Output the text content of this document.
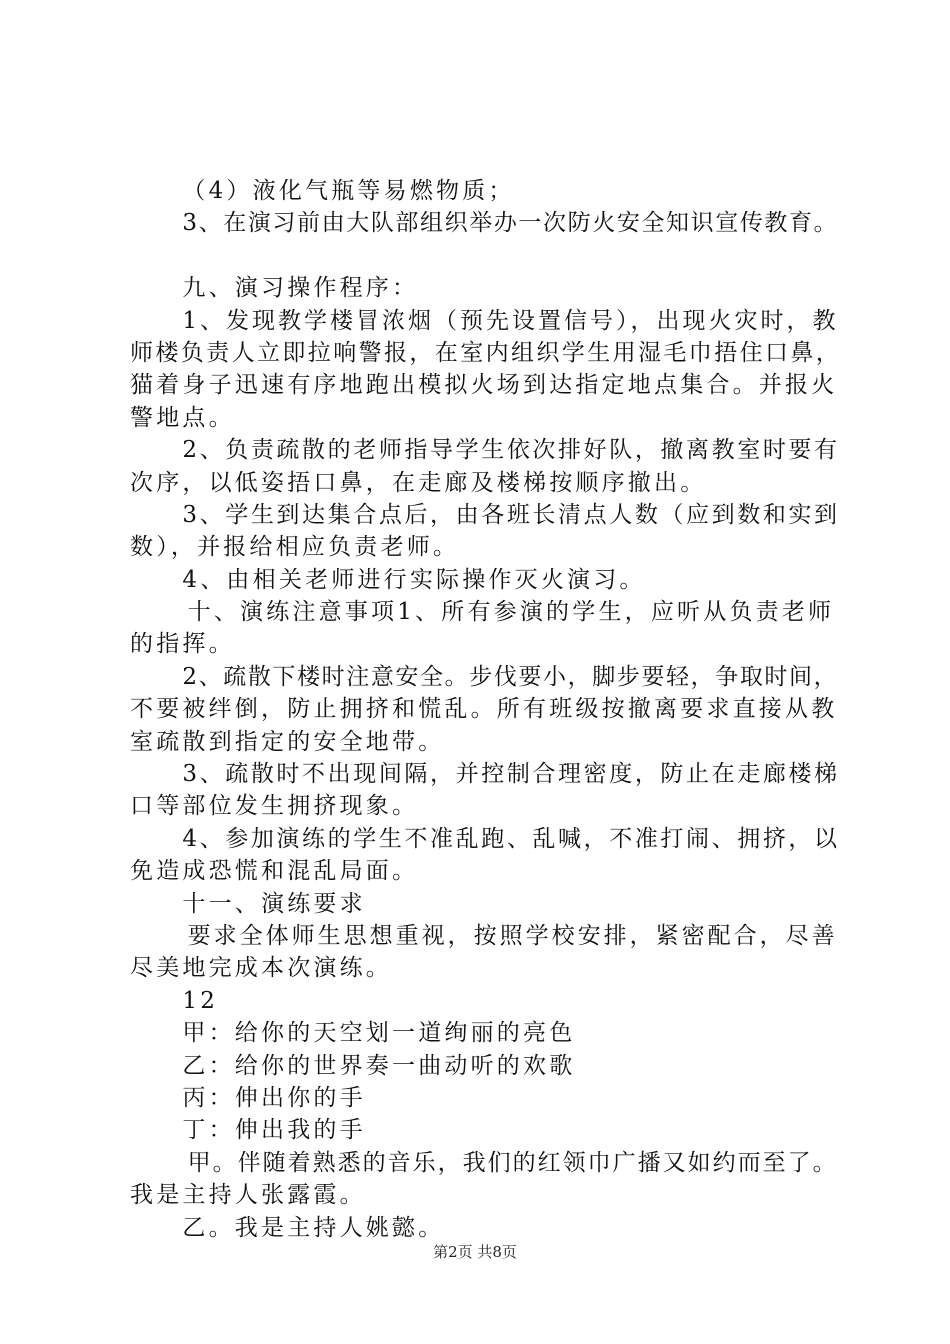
（4）液化气瓶等易燃物质；
3、在演习前由大队部组织举办一次防火安全知识宣传教育。
九、演习操作程序：
1、发现教学楼冒浓烟（预先设置信号），出现火灾时，教
师楼负责人立即拉响警报，在室内组织学生用湿毛巾捂住口鼻，
猫着身子迅速有序地跑出模拟火场到达指定地点集合。并报火
警地点。
2、负责疏散的老师指导学生依次排好队，撤离教室时要有
次序，以低姿捂口鼻，在走廊及楼梯按顺序撤出。
3、学生到达集合点后，由各班长清点人数（应到数和实到
数），并报给相应负责老师。
4、由相关老师进行实际操作灭火演习。
十、演练注意事项1、所有参演的学生，应听从负责老师
的指挥。
2、疏散下楼时注意安全。步伐要小，脚步要轻，争取时间，
不要被绊倒，防止拥挤和慌乱。所有班级按撤离要求直接从教
室疏散到指定的安全地带。
3、疏散时不出现间隔，并控制合理密度，防止在走廊楼梯
口等部位发生拥挤现象。
4、参加演练的学生不准乱跑、乱喊，不准打闹、拥挤，以
免造成恐慌和混乱局面。
十一、演练要求
要求全体师生思想重视，按照学校安排，紧密配合，尽善
尽美地完成本次演练。
12
甲：给你的天空划一道绚丽的亮色
乙：给你的世界奏一曲动听的欢歌
丙：伸出你的手
丁：伸出我的手
甲。伴随着熟悉的音乐，我们的红领巾广播又如约而至了。
我是主持人张露霞。
乙。我是主持人姚懿。
第2页 共8页
